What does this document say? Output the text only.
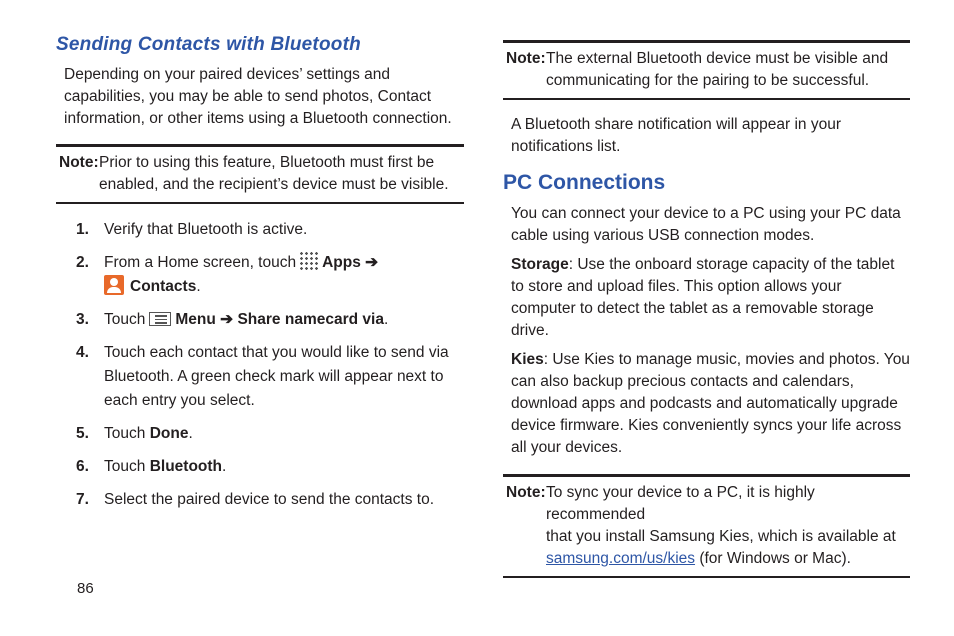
Sending Contacts with Bluetooth

Depending on your paired devices’ settings and capabilities, you may be able to send photos, Contact information, or other items using a Bluetooth connection.

Note: Prior to using this feature, Bluetooth must first be
enabled, and the recipient’s device must be visible.
1. Verify that Bluetooth is active.
2. From a Home screen, touch Apps ➔
Contacts.
3. Touch Menu ➔ Share namecard via.
4. Touch each contact that you would like to send via Bluetooth. A green check mark will appear next to each entry you select.
5. Touch Done.
6. Touch Bluetooth.
7. Select the paired device to send the contacts to.
Note: The external Bluetooth device must be visible and
communicating for the pairing to be successful.

A Bluetooth share notification will appear in your notifications list.

PC Connections

You can connect your device to a PC using your PC data cable using various USB connection modes.

Storage: Use the onboard storage capacity of the tablet to store and upload files. This option allows your computer to detect the tablet as a removable storage drive.

Kies: Use Kies to manage music, movies and photos. You can also backup precious contacts and calendars, download apps and podcasts and automatically upgrade device firmware. Kies conveniently syncs your life across all your devices.

Note: To sync your device to a PC, it is highly recommended
that you install Samsung Kies, which is available at
samsung.com/us/kies (for Windows or Mac).
86
